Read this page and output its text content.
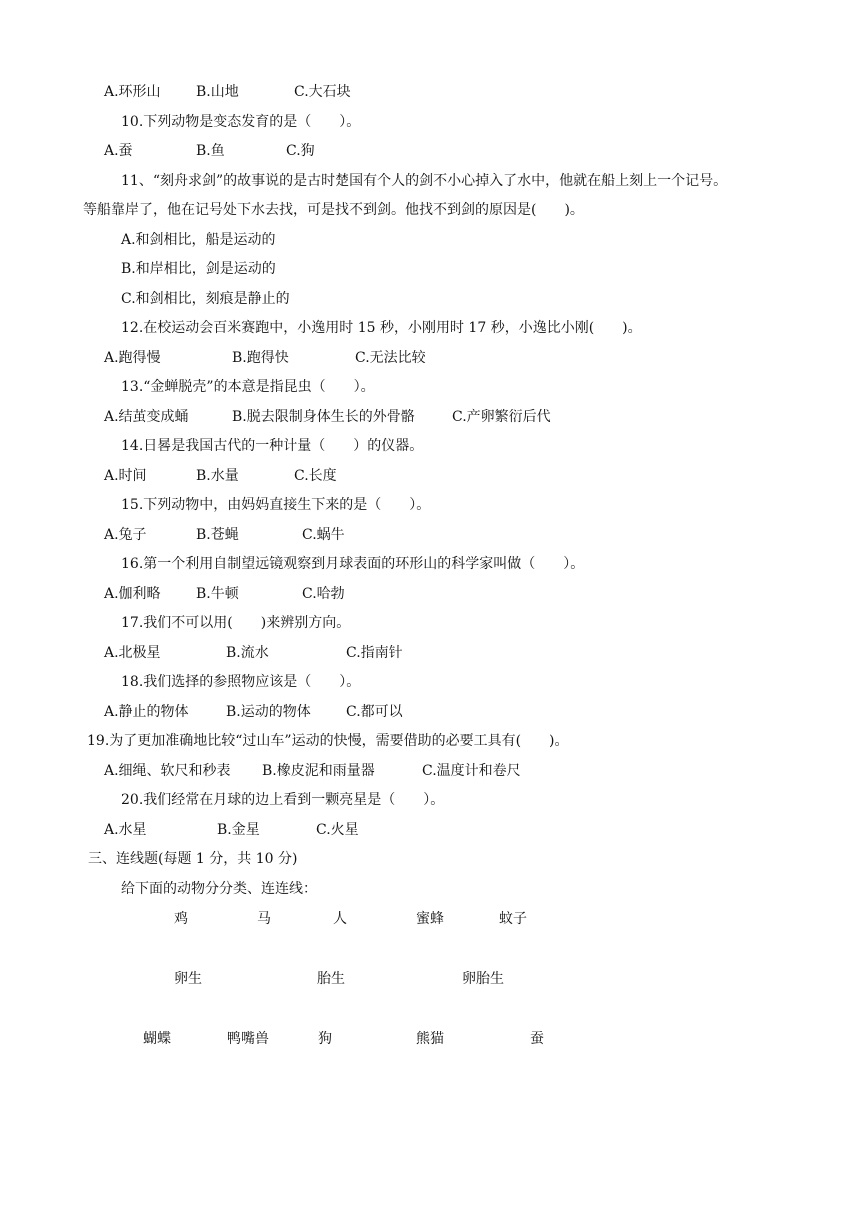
A.环形山	B.山地	C.大石块
10.下列动物是变态发育的是（　　）。
A.蚕	B.鱼	C.狗
11、“刻舟求剑”的故事说的是古时楚国有个人的剑不小心掉入了水中，他就在船上刻上一个记号。
等船靠岸了，他在记号处下水去找，可是找不到剑。他找不到剑的原因是(　　)。
A.和剑相比，船是运动的
B.和岸相比，剑是运动的
C.和剑相比，刻痕是静止的
12.在校运动会百米赛跑中，小逸用时 15 秒，小刚用时 17 秒，小逸比小刚(　　)。
A.跑得慢	B.跑得快	C.无法比较
13.“金蝉脱壳”的本意是指昆虫（　　）。
A.结茧变成蛹	B.脱去限制身体生长的外骨骼	C.产卵繁衍后代
14.日晷是我国古代的一种计量（　　）的仪器。
A.时间	B.水量	C.长度
15.下列动物中，由妈妈直接生下来的是（　　）。
A.兔子	B.苍蝇	C.蜗牛
16.第一个利用自制望远镜观察到月球表面的环形山的科学家叫做（　　）。
A.伽利略	B.牛顿	C.哈勃
17.我们不可以用(　　)来辨别方向。
A.北极星	B.流水	C.指南针
18.我们选择的参照物应该是（　　）。
A.静止的物体	B.运动的物体	C.都可以
19.为了更加准确地比较“过山车”运动的快慢，需要借助的必要工具有(　　)。
A.细绳、软尺和秒表 B.橡皮泥和雨量器	C.温度计和卷尺
20.我们经常在月球的边上看到一颗亮星是（　　）。
A.水星	B.金星	C.火星
三、连线题(每题 1 分，共 10 分)
给下面的动物分分类、连连线：
鸡	马	人	蜜蜂	蚊子
卵生	胎生	卵胎生
蝴蝶	鸭嘴兽	狗	熊猫	蚕
